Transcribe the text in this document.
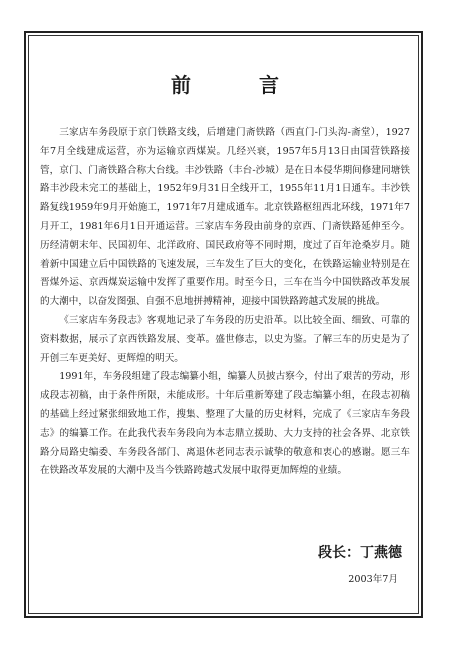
前　言

三家店车务段原于京门铁路支线，后增建门斋铁路（西直门-门头沟-斋堂），1927年7月全线建成运营，亦为运输京西煤炭。几经兴衰，1957年5月13日由国营铁路接管，京门、门斋铁路合称大台线。丰沙铁路（丰台-沙城）是在日本侵华期间修建同塘铁路丰沙段未完工的基础上，1952年9月31日全线开工，1955年11月1日通车。丰沙铁路复线1959年9月开始施工，1971年7月建成通车。北京铁路枢纽西北环线，1971年7月开工，1981年6月1日开通运营。三家店车务段由前身的京西、门斋铁路延伸至今。历经清朝末年、民国初年、北洋政府、国民政府等不同时期，度过了百年沧桑岁月。随着新中国建立后中国铁路的飞速发展，三车发生了巨大的变化，在铁路运输业特别是在晋煤外运、京西煤炭运输中发挥了重要作用。时至今日，三车在当今中国铁路改革发展的大潮中，以奋发图强、自强不息地拼搏精神，迎接中国铁路跨越式发展的挑战。

《三家店车务段志》客观地记录了车务段的历史沿革。以比较全面、细致、可靠的资料数据，展示了京西铁路发展、变革。盛世修志，以史为鉴。了解三车的历史是为了开创三车更美好、更辉煌的明天。

1991年，车务段组建了段志编纂小组，编纂人员披古察今，付出了艰苦的劳动，形成段志初稿，由于条件所限，未能成形。十年后重新筹建了段志编纂小组，在段志初稿的基础上经过紧张细致地工作，搜集、整理了大量的历史材料，完成了《三家店车务段志》的编纂工作。在此我代表车务段向为本志鼎立援助、大力支持的社会各界、北京铁路分局路史编委、车务段各部门、离退休老同志表示诚挚的敬意和衷心的感谢。愿三车在铁路改革发展的大潮中及当今铁路跨越式发展中取得更加辉煌的业绩。

段长：丁燕德
2003年7月
